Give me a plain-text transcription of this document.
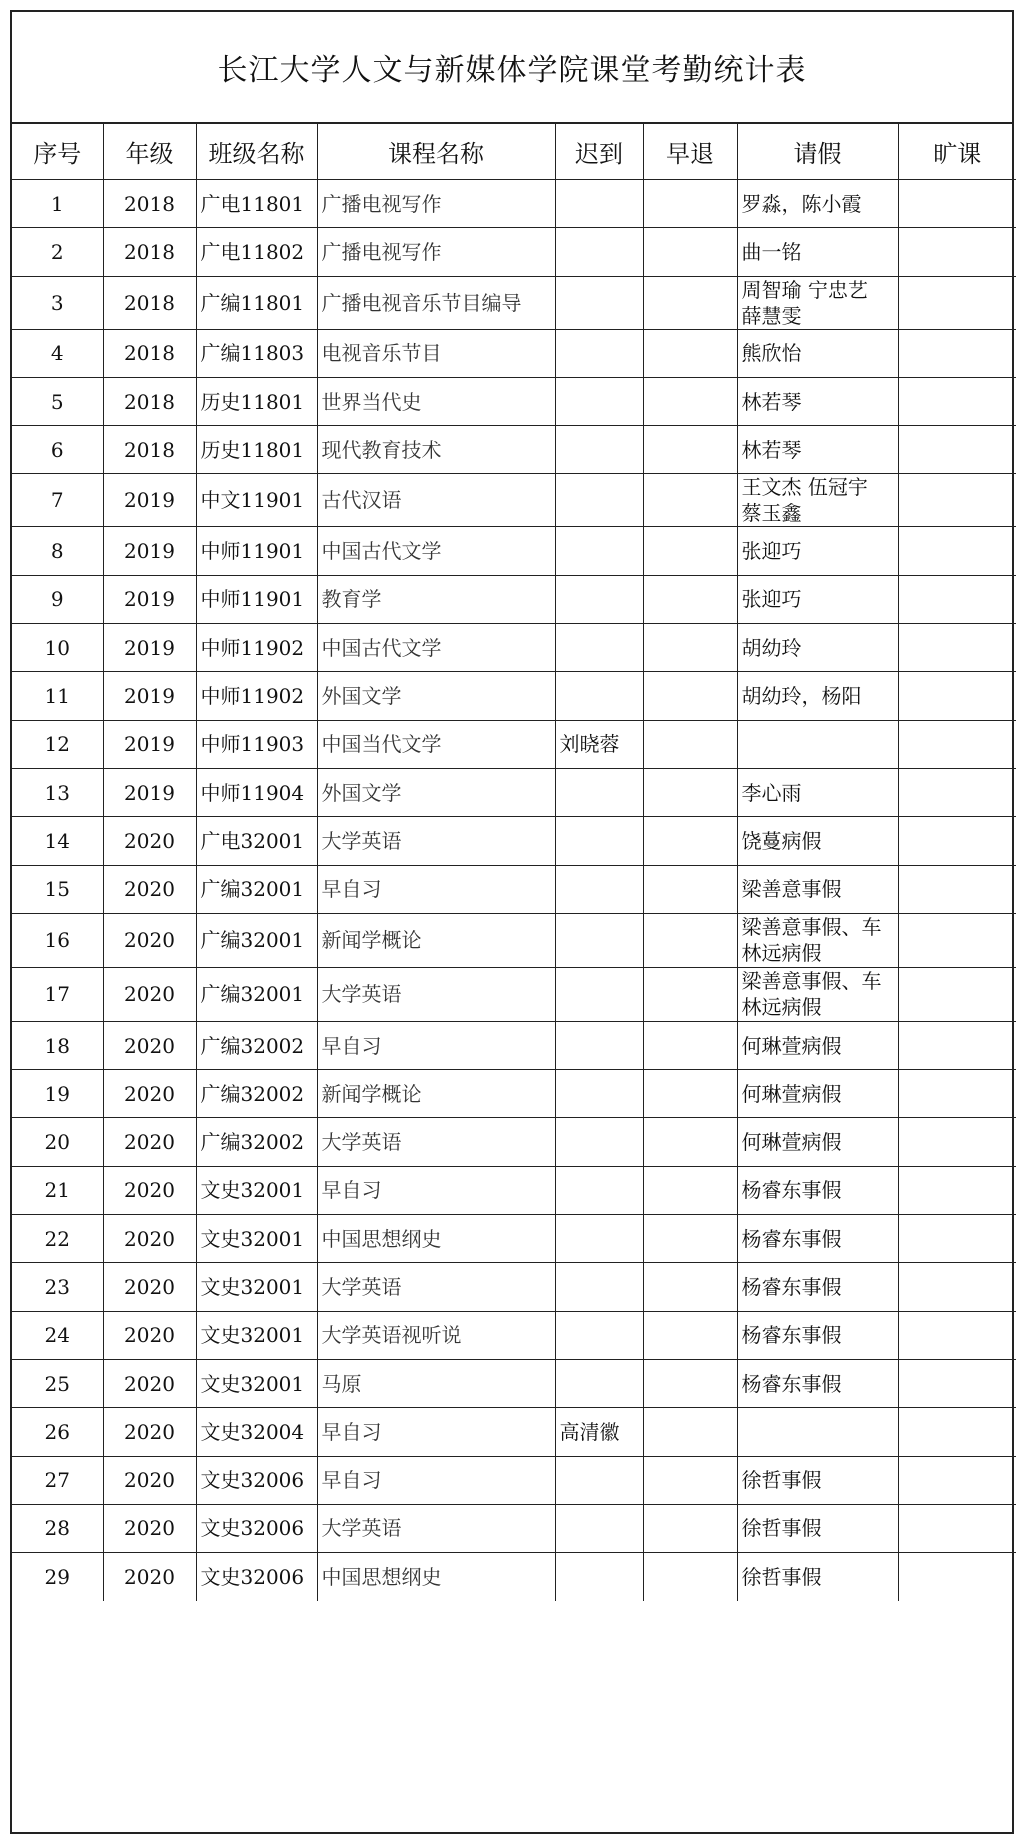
长江大学人文与新媒体学院课堂考勤统计表
序号	年级	班级名称	课程名称	迟到	早退	请假	旷课
1	2018	广电11801	广播电视写作			罗淼，陈小霞	
2	2018	广电11802	广播电视写作			曲一铭	
3	2018	广编11801	广播电视音乐节目编导			周智瑜 宁忠艺 薛慧雯	
4	2018	广编11803	电视音乐节目			熊欣怡	
5	2018	历史11801	世界当代史			林若琴	
6	2018	历史11801	现代教育技术			林若琴	
7	2019	中文11901	古代汉语			王文杰 伍冠宇 蔡玉鑫	
8	2019	中师11901	中国古代文学			张迎巧	
9	2019	中师11901	教育学			张迎巧	
10	2019	中师11902	中国古代文学			胡幼玲	
11	2019	中师11902	外国文学			胡幼玲，杨阳	
12	2019	中师11903	中国当代文学	刘晓蓉			
13	2019	中师11904	外国文学			李心雨	
14	2020	广电32001	大学英语			饶蔓病假	
15	2020	广编32001	早自习			梁善意事假	
16	2020	广编32001	新闻学概论			梁善意事假、车林远病假	
17	2020	广编32001	大学英语			梁善意事假、车林远病假	
18	2020	广编32002	早自习			何琳萱病假	
19	2020	广编32002	新闻学概论			何琳萱病假	
20	2020	广编32002	大学英语			何琳萱病假	
21	2020	文史32001	早自习			杨睿东事假	
22	2020	文史32001	中国思想纲史			杨睿东事假	
23	2020	文史32001	大学英语			杨睿东事假	
24	2020	文史32001	大学英语视听说			杨睿东事假	
25	2020	文史32001	马原			杨睿东事假	
26	2020	文史32004	早自习	高清徽			
27	2020	文史32006	早自习			徐哲事假	
28	2020	文史32006	大学英语			徐哲事假	
29	2020	文史32006	中国思想纲史			徐哲事假	
